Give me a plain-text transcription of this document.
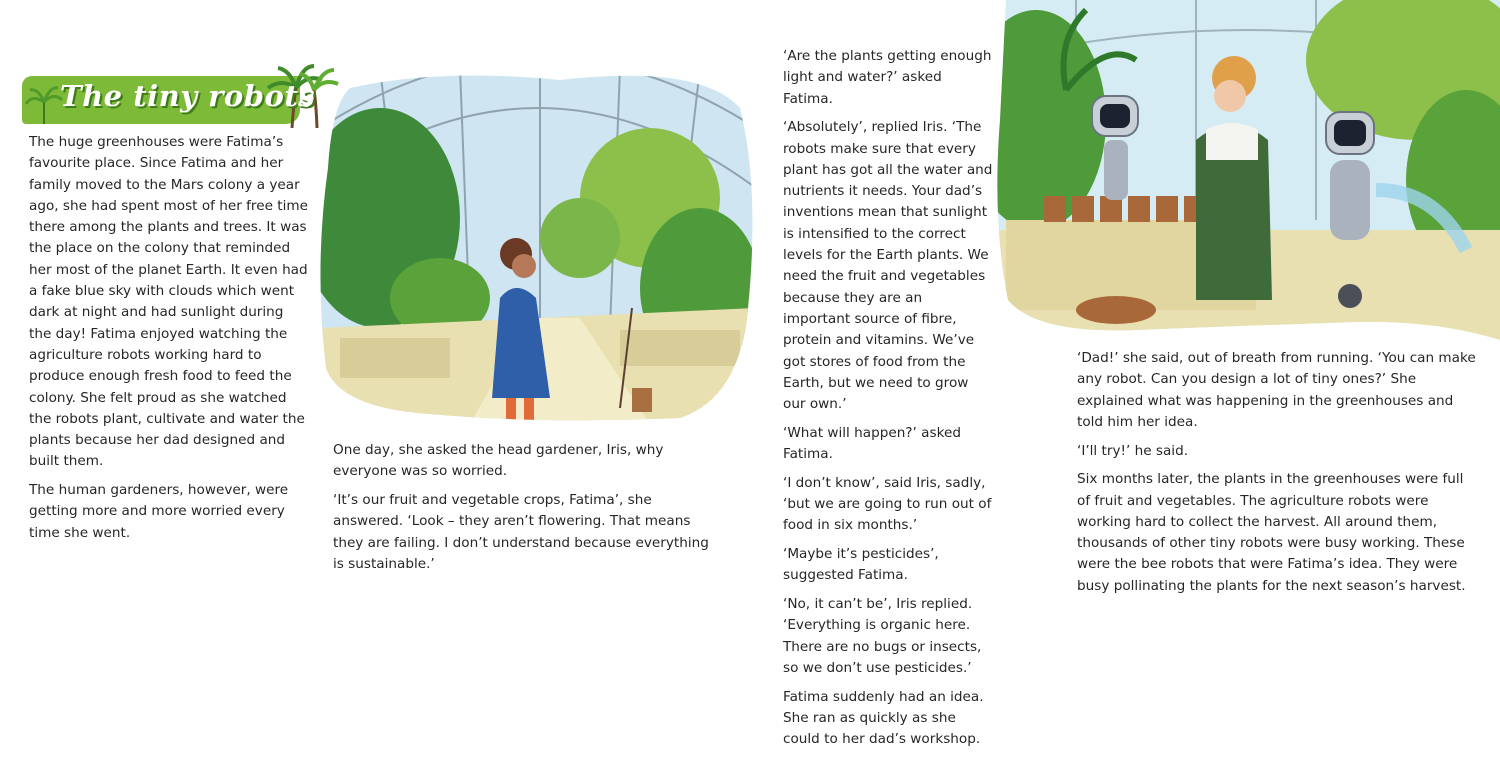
The tiny robots

The huge greenhouses were Fatima’s favourite place. Since Fatima and her family moved to the Mars colony a year ago, she had spent most of her free time there among the plants and trees. It was the place on the colony that reminded her most of the planet Earth. It even had a fake blue sky with clouds which went dark at night and had sunlight during the day! Fatima enjoyed watching the agriculture robots working hard to produce enough fresh food to feed the colony. She felt proud as she watched the robots plant, cultivate and water the plants because her dad designed and built them.

The human gardeners, however, were getting more and more worried every time she went.

One day, she asked the head gardener, Iris, why everyone was so worried.

‘It’s our fruit and vegetable crops, Fatima’, she answered. ‘Look – they aren’t flowering. That means they are failing. I don’t understand because everything is sustainable.’

‘Are the plants getting enough light and water?’ asked Fatima.

‘Absolutely’, replied Iris. ‘The robots make sure that every plant has got all the water and nutrients it needs. Your dad’s inventions mean that sunlight is intensified to the correct levels for the Earth plants. We need the fruit and vegetables because they are an important source of fibre, protein and vitamins. We’ve got stores of food from the Earth, but we need to grow our own.’

‘What will happen?’ asked Fatima.

‘I don’t know’, said Iris, sadly, ‘but we are going to run out of food in six months.’

‘Maybe it’s pesticides’, suggested Fatima.

‘No, it can’t be’, Iris replied. ‘Everything is organic here. There are no bugs or insects, so we don’t use pesticides.’

Fatima suddenly had an idea. She ran as quickly as she could to her dad’s workshop.

‘Dad!’ she said, out of breath from running. ‘You can make any robot. Can you design a lot of tiny ones?’ She explained what was happening in the greenhouses and told him her idea.

‘I’ll try!’ he said.

Six months later, the plants in the greenhouses were full of fruit and vegetables. The agriculture robots were working hard to collect the harvest. All around them, thousands of other tiny robots were busy working. These were the bee robots that were Fatima’s idea. They were busy pollinating the plants for the next season’s harvest.
